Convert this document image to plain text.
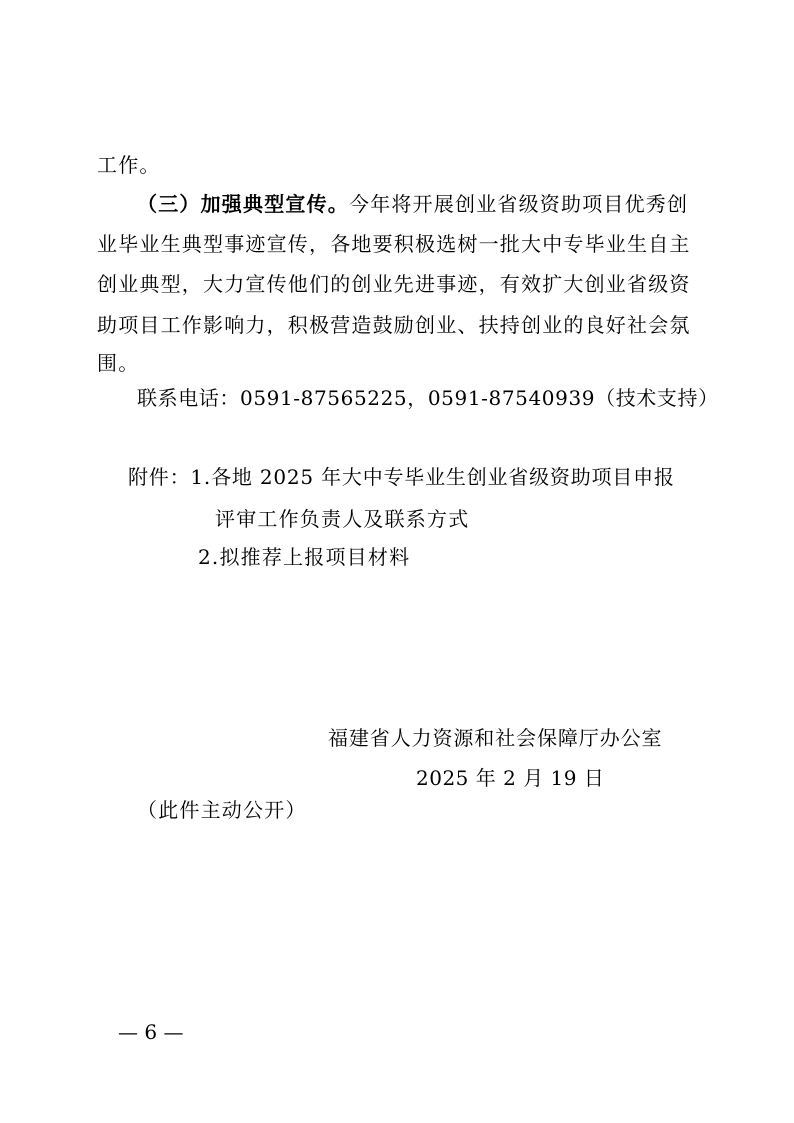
工作。
（三）加强典型宣传。今年将开展创业省级资助项目优秀创
业毕业生典型事迹宣传，各地要积极选树一批大中专毕业生自主
创业典型，大力宣传他们的创业先进事迹，有效扩大创业省级资
助项目工作影响力，积极营造鼓励创业、扶持创业的良好社会氛
围。
联系电话：0591-87565225，0591-87540939（技术支持）
附件：1.各地 2025 年大中专毕业生创业省级资助项目申报
评审工作负责人及联系方式
2.拟推荐上报项目材料
福建省人力资源和社会保障厅办公室
2025 年 2 月 19 日
（此件主动公开）
— 6 —
